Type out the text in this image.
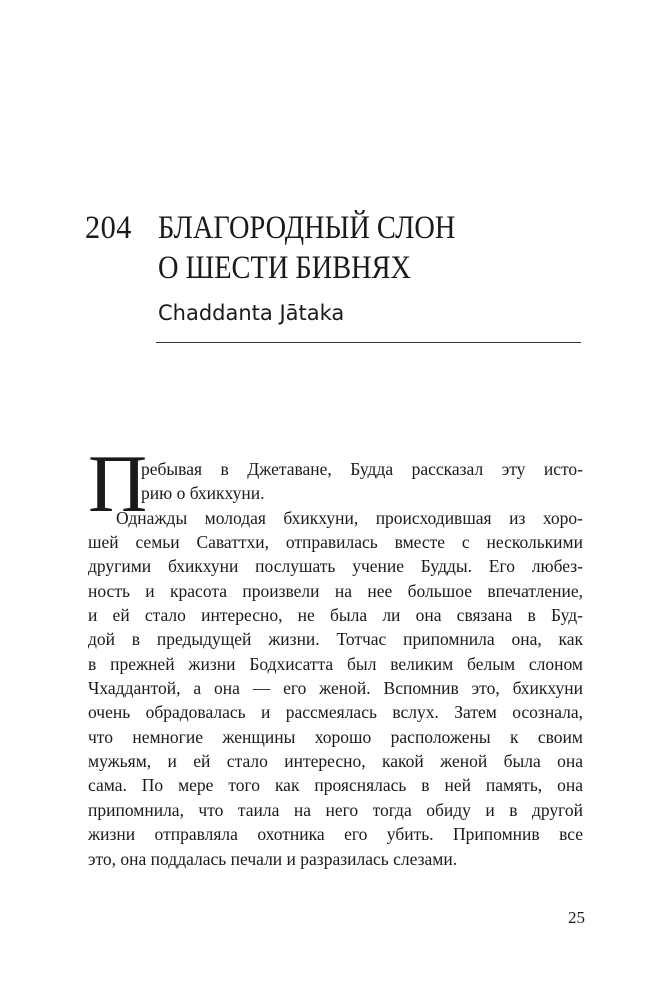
204 БЛАГОРОДНЫЙ СЛОН
О ШЕСТИ БИВНЯХ
Chaddanta Jātaka
П
ребывая в Джетаване, Будда рассказал эту исто-
рию о бхикхуни.
Однажды молодая бхикхуни, происходившая из хоро-
шей семьи Саваттхи, отправилась вместе с несколькими
другими бхикхуни послушать учение Будды. Его любез-
ность и красота произвели на нее большое впечатление,
и ей стало интересно, не была ли она связана в Буд-
дой в предыдущей жизни. Тотчас припомнила она, как
в прежней жизни Бодхисатта был великим белым слоном
Чхаддантой, а она — его женой. Вспомнив это, бхикхуни
очень обрадовалась и рассмеялась вслух. Затем осознала,
что немногие женщины хорошо расположены к своим
мужьям, и ей стало интересно, какой женой была она
сама. По мере того как прояснялась в ней память, она
припомнила, что таила на него тогда обиду и в другой
жизни отправляла охотника его убить. Припомнив все
это, она поддалась печали и разразилась слезами.
25
